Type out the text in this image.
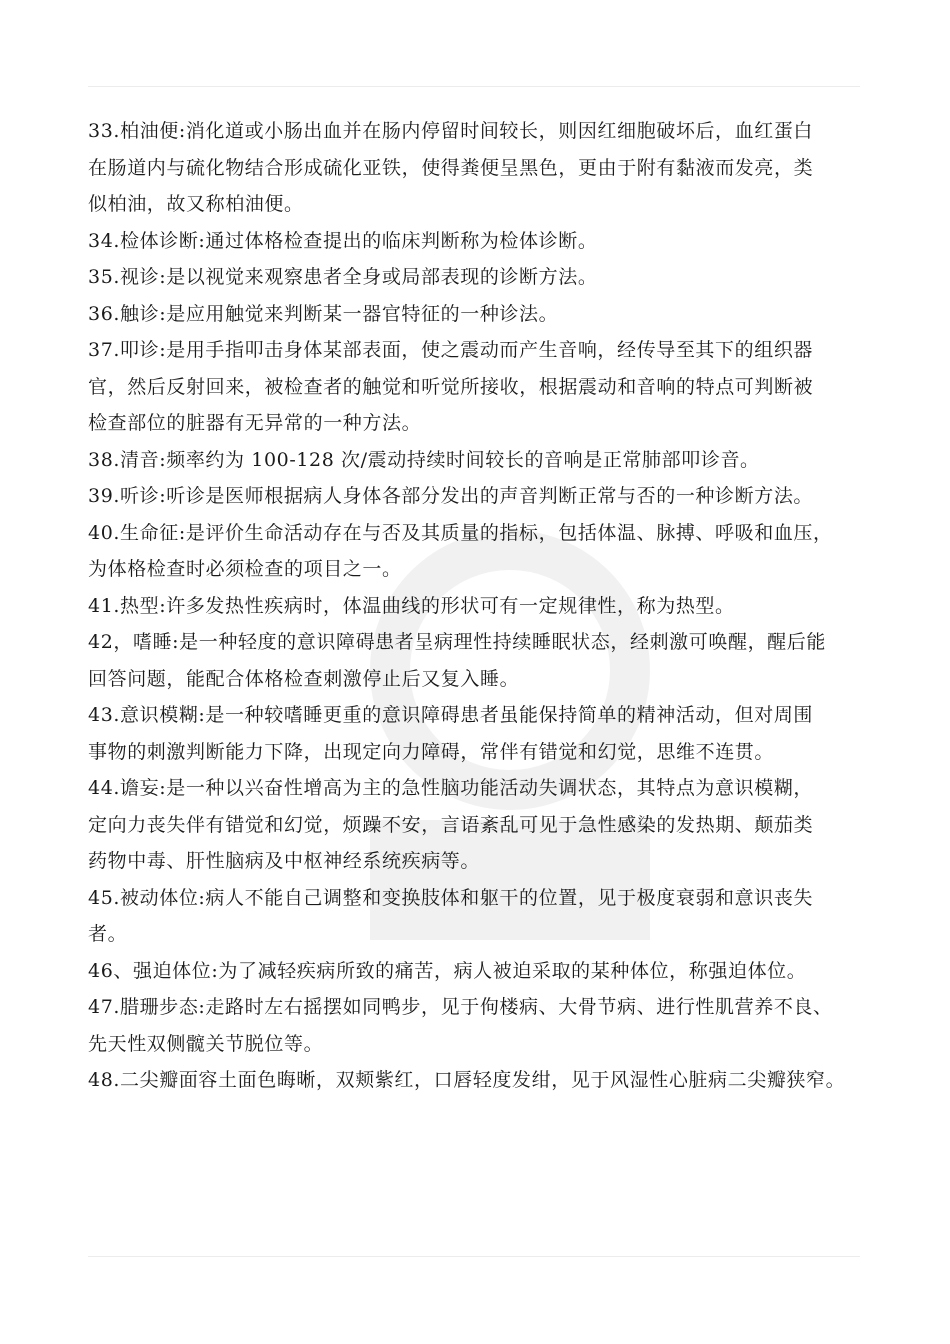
33.柏油便:消化道或小肠出血并在肠内停留时间较长，则因红细胞破坏后，血红蛋白
在肠道内与硫化物结合形成硫化亚铁，使得粪便呈黑色，更由于附有黏液而发亮，类
似柏油，故又称柏油便。
34.检体诊断:通过体格检查提出的临床判断称为检体诊断。
35.视诊:是以视觉来观察患者全身或局部表现的诊断方法。
36.触诊:是应用触觉来判断某一器官特征的一种诊法。
37.叩诊:是用手指叩击身体某部表面，使之震动而产生音响，经传导至其下的组织器
官，然后反射回来，被检查者的触觉和听觉所接收，根据震动和音响的特点可判断被
检查部位的脏器有无异常的一种方法。
38.清音:频率约为 100-128 次/震动持续时间较长的音响是正常肺部叩诊音。
39.听诊:听诊是医师根据病人身体各部分发出的声音判断正常与否的一种诊断方法。
40.生命征:是评价生命活动存在与否及其质量的指标，包括体温、脉搏、呼吸和血压，
为体格检查时必须检查的项目之一。
41.热型:许多发热性疾病时，体温曲线的形状可有一定规律性，称为热型。
42，嗜睡:是一种轻度的意识障碍患者呈病理性持续睡眠状态，经刺激可唤醒，醒后能
回答问题，能配合体格检查刺激停止后又复入睡。
43.意识模糊:是一种较嗜睡更重的意识障碍患者虽能保持简单的精神活动，但对周围
事物的刺激判断能力下降，出现定向力障碍，常伴有错觉和幻觉，思维不连贯。
44.谵妄:是一种以兴奋性增高为主的急性脑功能活动失调状态，其特点为意识模糊，
定向力丧失伴有错觉和幻觉，烦躁不安，言语紊乱可见于急性感染的发热期、颠茄类
药物中毒、肝性脑病及中枢神经系统疾病等。
45.被动体位:病人不能自己调整和变换肢体和躯干的位置，见于极度衰弱和意识丧失
者。
46、强迫体位:为了减轻疾病所致的痛苦，病人被迫采取的某种体位，称强迫体位。
47.腊珊步态:走路时左右摇摆如同鸭步，见于佝楼病、大骨节病、进行性肌营养不良、
先天性双侧髋关节脱位等。
48.二尖瓣面容土面色晦晰，双颊紫红，口唇轻度发绀，见于风湿性心脏病二尖瓣狭窄。
